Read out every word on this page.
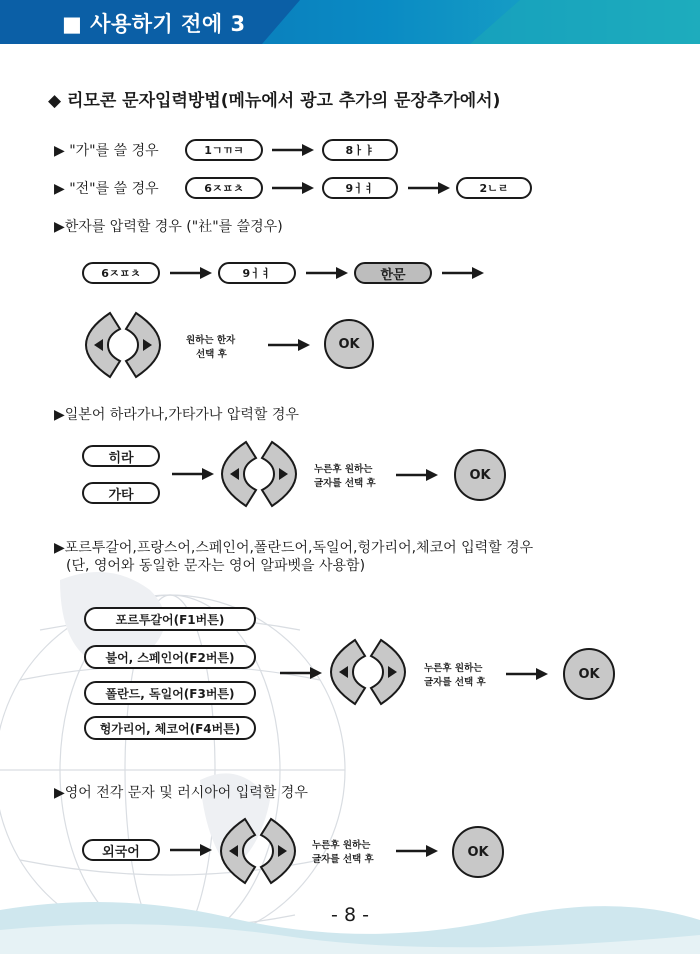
■ 사용하기 전에 3
◆ 리모콘 문자입력방법(메뉴에서 광고 추가의 문장추가에서)
▶ "가"를 쓸 경우	1ㄱㄲㅋ	8ㅏㅑ
▶ "전"를 쓸 경우	6ㅈㅍㅊ	9ㅓㅕ	2ㄴㄹ
▶한자를 압력할 경우 ("社"를 쓸경우)
6ㅈㅍㅊ	9ㅓㅕ	한문
원하는 한자
선택 후
OK
▶일본어 하라가나,가타가나 압력할 경우
히라
가타
누른후 원하는
글자를 선택 후
OK
▶포르투갈어,프랑스어,스페인어,폴란드어,독일어,헝가리어,체코어 입력할 경우
(단, 영어와 동일한 문자는 영어 알파벳을 사용함)
포르투갈어(F1버튼)
불어, 스페인어(F2버튼)
폴란드, 독일어(F3버튼)
헝가리어, 체코어(F4버튼)
누른후 원하는
글자를 선택 후
OK
▶영어 전각 문자 및 러시아어 입력할 경우
외국어	누른후 원하는
글자를 선택 후	OK
- 8 -
